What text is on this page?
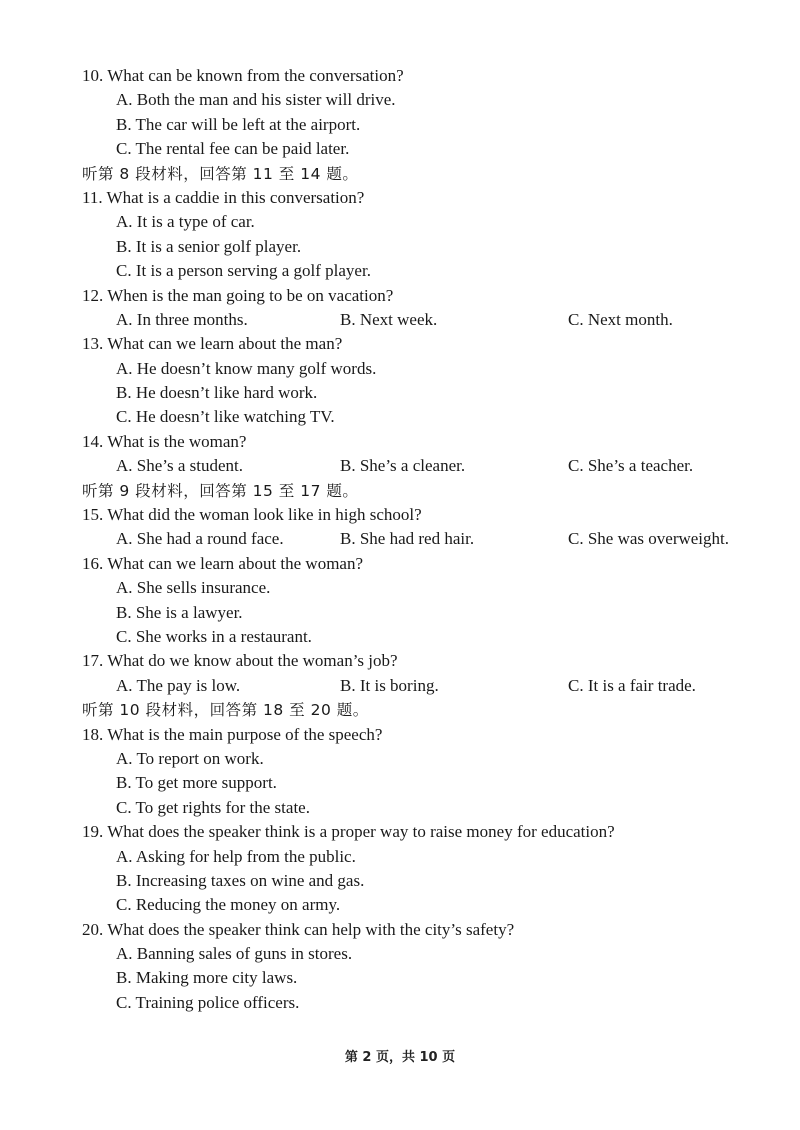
10. What can be known from the conversation?
A. Both the man and his sister will drive.
B. The car will be left at the airport.
C. The rental fee can be paid later.
听第 8 段材料，回答第 11 至 14 题。
11. What is a caddie in this conversation?
A. It is a type of car.
B. It is a senior golf player.
C. It is a person serving a golf player.
12. When is the man going to be on vacation?
A. In three months.	B. Next week.	C. Next month.
13. What can we learn about the man?
A. He doesn’t know many golf words.
B. He doesn’t like hard work.
C. He doesn’t like watching TV.
14. What is the woman?
A. She’s a student.	B. She’s a cleaner.	C. She’s a teacher.
听第 9 段材料，回答第 15 至 17 题。
15. What did the woman look like in high school?
A. She had a round face.	B. She had red hair.	C. She was overweight.
16. What can we learn about the woman?
A. She sells insurance.
B. She is a lawyer.
C. She works in a restaurant.
17. What do we know about the woman’s job?
A. The pay is low.	B. It is boring.	C. It is a fair trade.
听第 10 段材料，回答第 18 至 20 题。
18. What is the main purpose of the speech?
A. To report on work.
B. To get more support.
C. To get rights for the state.
19. What does the speaker think is a proper way to raise money for education?
A. Asking for help from the public.
B. Increasing taxes on wine and gas.
C. Reducing the money on army.
20. What does the speaker think can help with the city’s safety?
A. Banning sales of guns in stores.
B. Making more city laws.
C. Training police officers.
第 2 页，共 10 页
